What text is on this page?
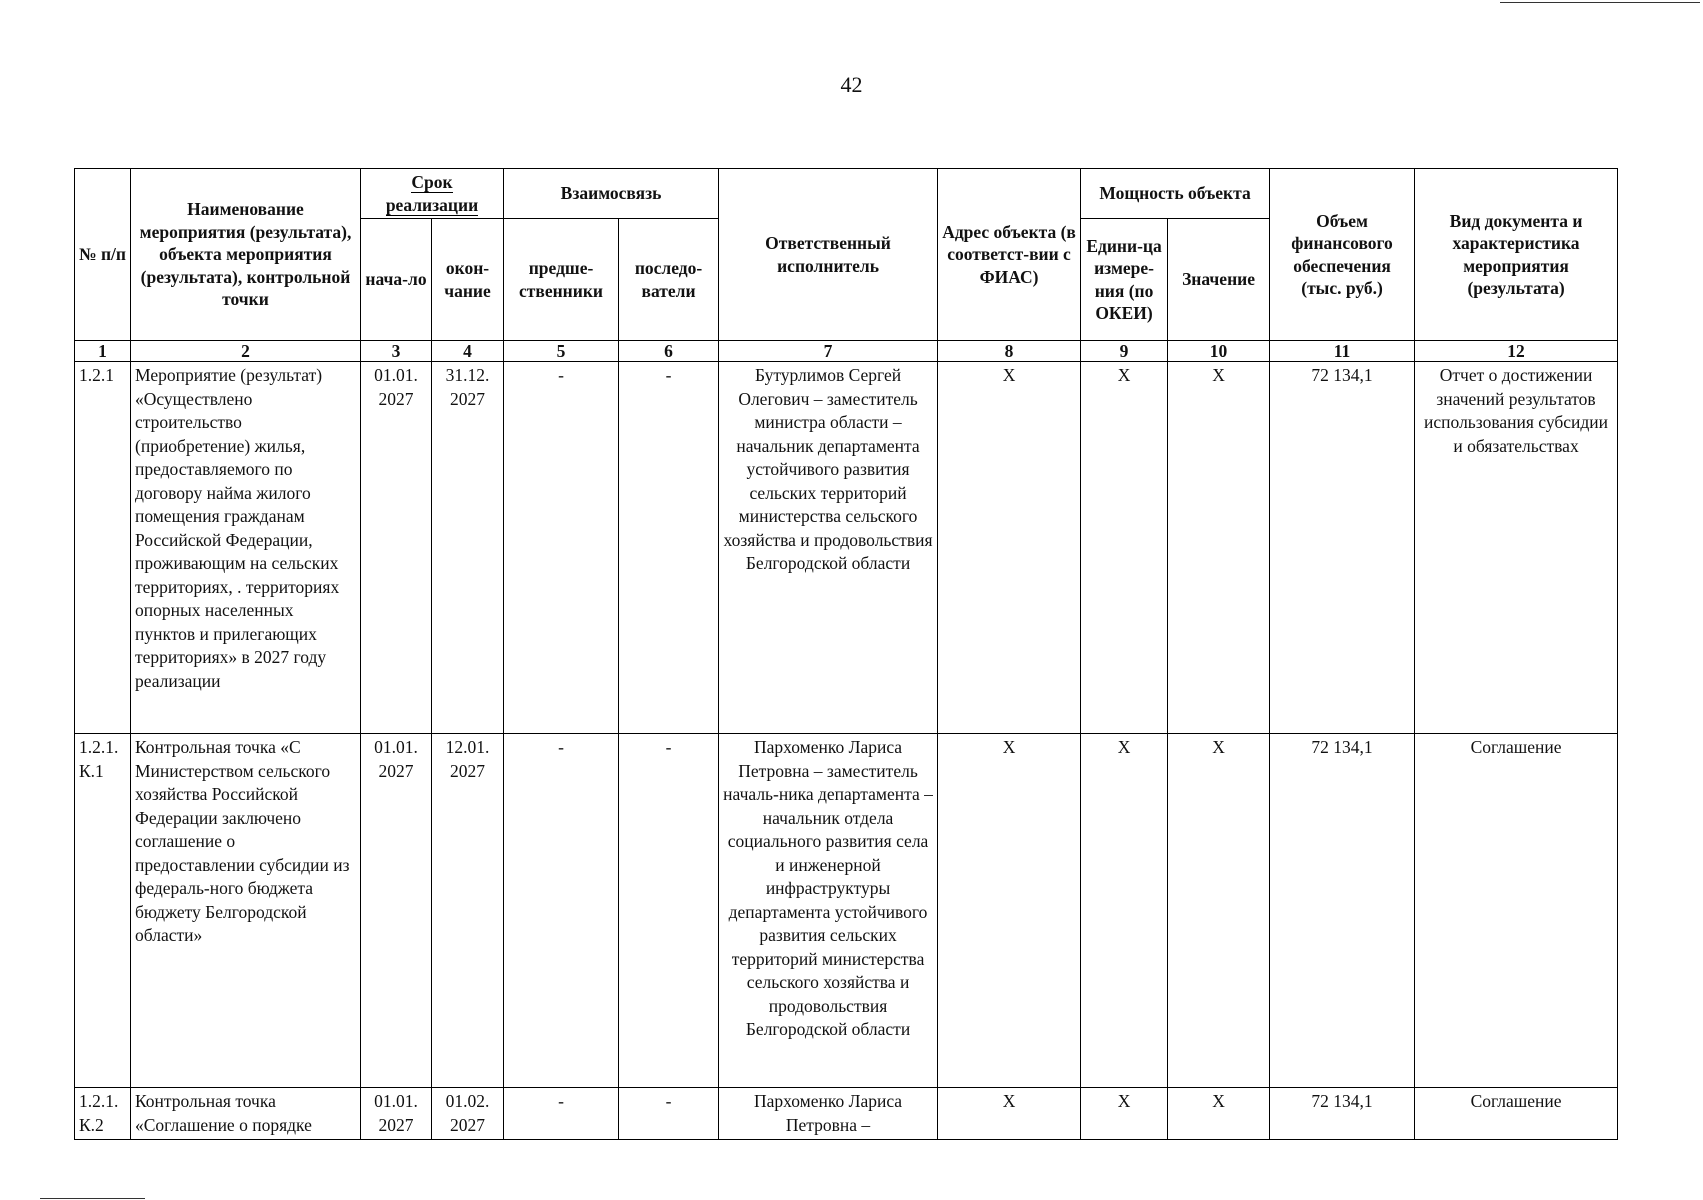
42
№ п/п	Наименование мероприятия (результата), объекта мероприятия (результата), контрольной точки	Срок реализации		Взаимосвязь		Ответственный исполнитель	Адрес объекта (в соответст-вии с ФИАС)	Мощность объекта		Объем финансового обеспечения (тыс. руб.)	Вид документа и характеристика мероприятия (результата)
		нача-ло	окон-чание	предше-ственники	последо-ватели			Едини-ца измере-ния (по ОКЕИ)	Значение		
1	2	3	4	5	6	7	8	9	10	11	12
1.2.1	Мероприятие (результат) «Осуществлено строительство (приобретение) жилья, предоставляемого по договору найма жилого помещения гражданам Российской Федерации, проживающим на сельских территориях, . территориях опорных населенных пунктов и прилегающих территориях» в 2027 году реализации	01.01. 2027	31.12. 2027	-	-	Бутурлимов Сергей Олегович – заместитель министра области – начальник департамента устойчивого развития сельских территорий министерства сельского хозяйства и продовольствия Белгородской области	X	X	X	72 134,1	Отчет о достижении значений результатов использования субсидии и обязательствах
1.2.1. К.1	Контрольная точка «С Министерством сельского хозяйства Российской Федерации заключено соглашение о предоставлении субсидии из федераль-ного бюджета бюджету Белгородской области»	01.01. 2027	12.01. 2027	-	-	Пархоменко Лариса Петровна – заместитель началь-ника департамента – начальник отдела социального развития села и инженерной инфраструктуры департамента устойчивого развития сельских территорий министерства сельского хозяйства и продовольствия Белгородской области	X	X	X	72 134,1	Соглашение
1.2.1. К.2	Контрольная точка «Соглашение о порядке	01.01. 2027	01.02. 2027	-	-	Пархоменко Лариса Петровна –	X	X	X	72 134,1	Соглашение
